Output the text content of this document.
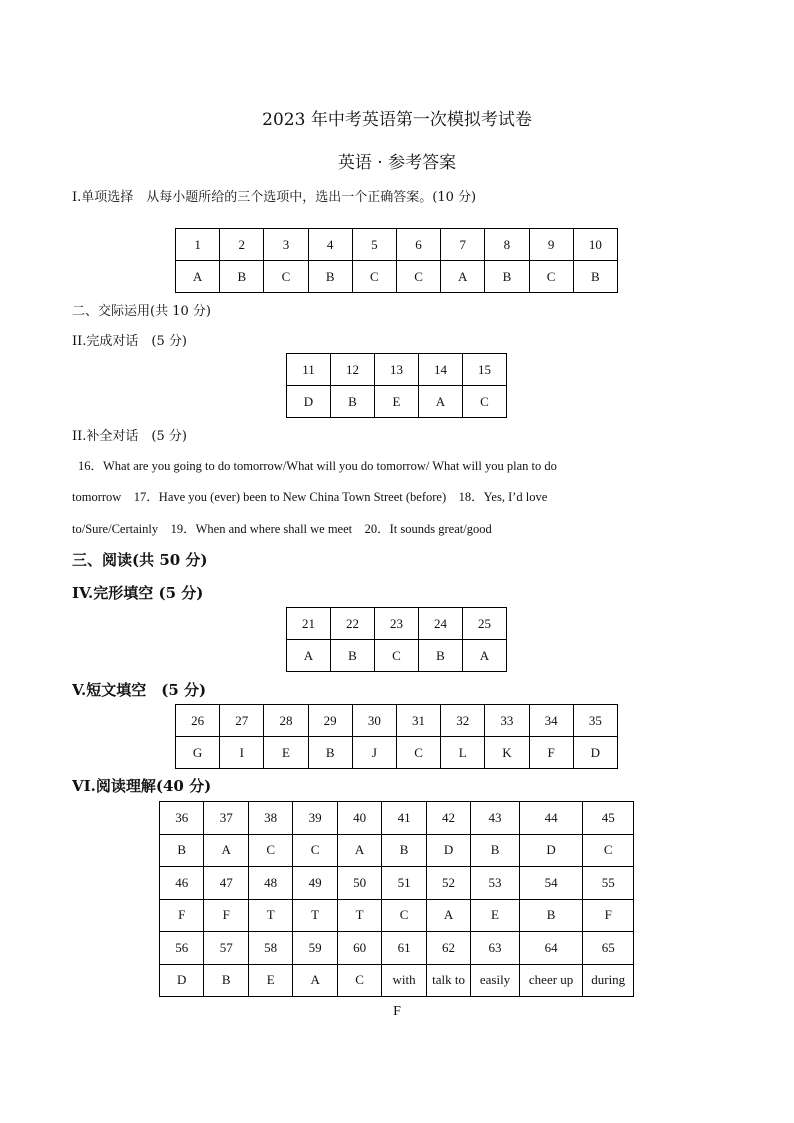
2023 年中考英语第一次模拟考试卷
英语 · 参考答案
I.单项选择　从每小题所给的三个选项中，选出一个正确答案。(10 分)
1	2	3	4	5	6	7	8	9	10
A	B	C	B	C	C	A	B	C	B
二、交际运用(共 10 分)
II.完成对话　(5 分)
11	12	13	14	15
D	B	E	A	C
II.补全对话　(5 分)
16．What are you going to do tomorrow/What will you do tomorrow/ What will you plan to do
tomorrow　17．Have you (ever) been to New China Town Street (before)　18．Yes, I’d love
to/Sure/Certainly　19．When and where shall we meet　20．It sounds great/good
三、阅读(共 50 分)
IV.完形填空 (5 分)
21	22	23	24	25
A	B	C	B	A
V.短文填空　(5 分)
26	27	28	29	30	31	32	33	34	35
G	I	E	B	J	C	L	K	F	D
VI.阅读理解(40 分)
36	37	38	39	40	41	42	43	44	45
B	A	C	C	A	B	D	B	D	C
46	47	48	49	50	51	52	53	54	55
F	F	T	T	T	C	A	E	B	F
56	57	58	59	60	61	62	63	64	65
D	B	E	A	C	with	talk to	easily	cheer up	during
F
